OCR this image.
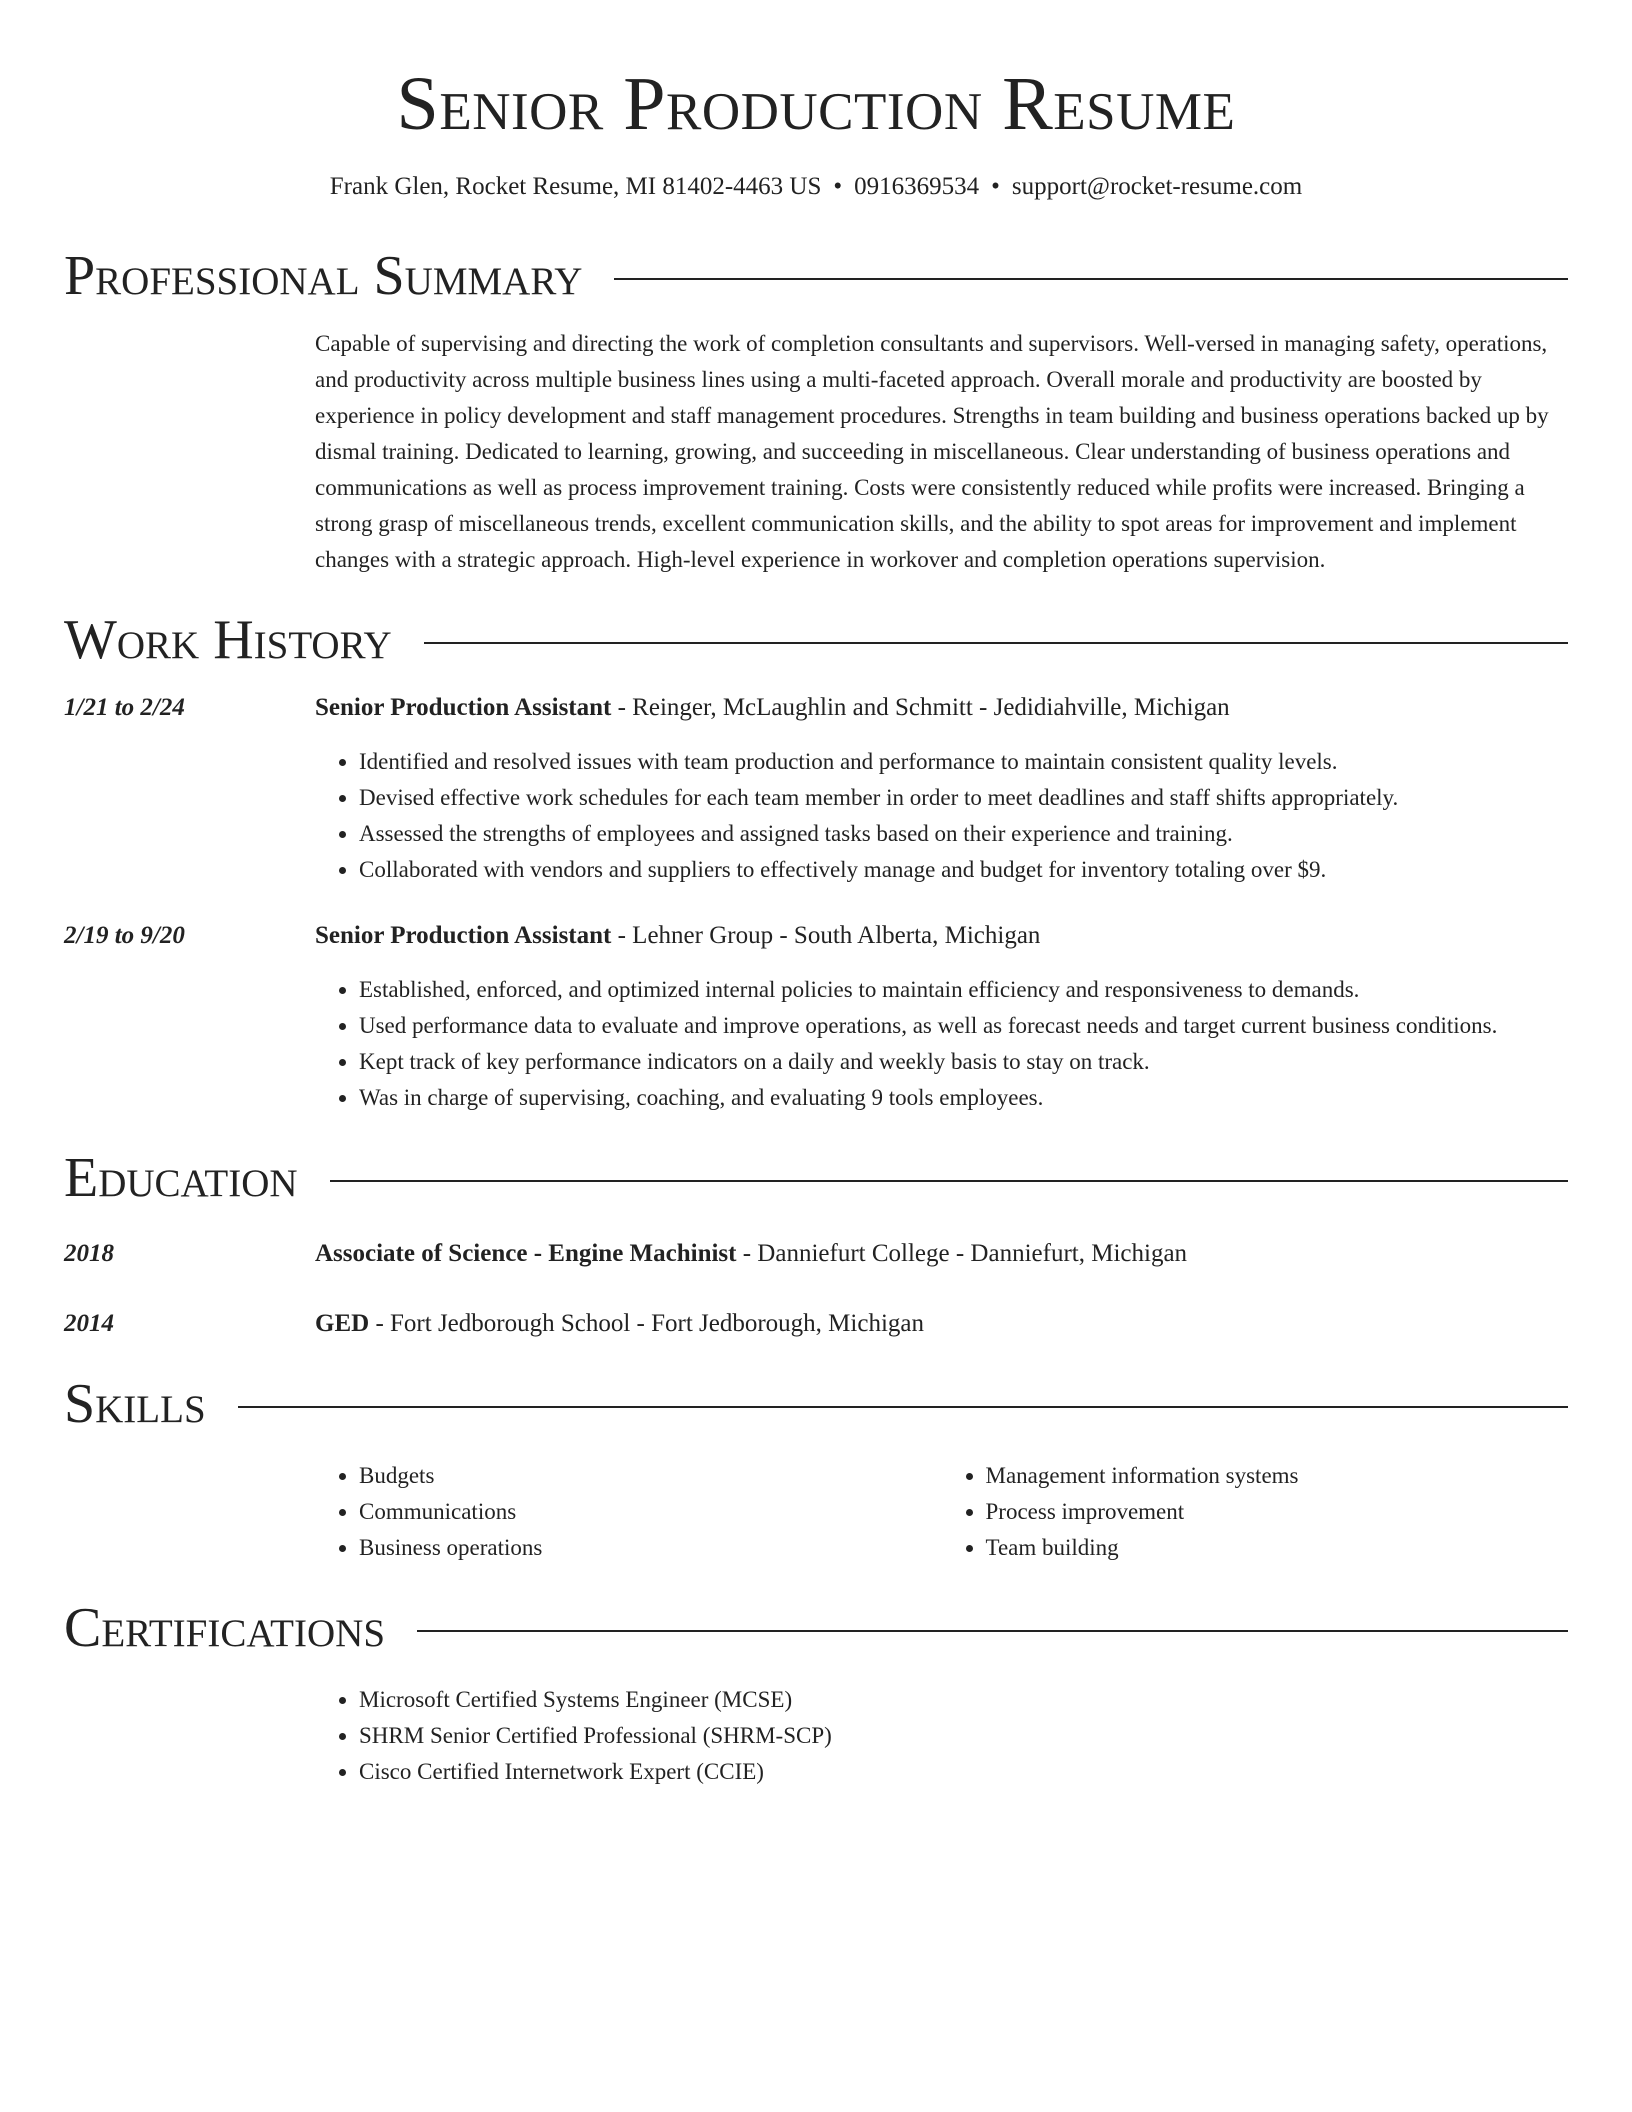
Senior Production Resume
Frank Glen, Rocket Resume, MI 81402-4463 US • 0916369534 • support@rocket-resume.com
Professional Summary
Capable of supervising and directing the work of completion consultants and supervisors. Well-versed in managing safety, operations, and productivity across multiple business lines using a multi-faceted approach. Overall morale and productivity are boosted by experience in policy development and staff management procedures. Strengths in team building and business operations backed up by dismal training. Dedicated to learning, growing, and succeeding in miscellaneous. Clear understanding of business operations and communications as well as process improvement training. Costs were consistently reduced while profits were increased. Bringing a strong grasp of miscellaneous trends, excellent communication skills, and the ability to spot areas for improvement and implement changes with a strategic approach. High-level experience in workover and completion operations supervision.
Work History
1/21 to 2/24	Senior Production Assistant - Reinger, McLaughlin and Schmitt - Jedidiahville, Michigan
• Identified and resolved issues with team production and performance to maintain consistent quality levels.
• Devised effective work schedules for each team member in order to meet deadlines and staff shifts appropriately.
• Assessed the strengths of employees and assigned tasks based on their experience and training.
• Collaborated with vendors and suppliers to effectively manage and budget for inventory totaling over $9.
2/19 to 9/20	Senior Production Assistant - Lehner Group - South Alberta, Michigan
• Established, enforced, and optimized internal policies to maintain efficiency and responsiveness to demands.
• Used performance data to evaluate and improve operations, as well as forecast needs and target current business conditions.
• Kept track of key performance indicators on a daily and weekly basis to stay on track.
• Was in charge of supervising, coaching, and evaluating 9 tools employees.
Education
2018	Associate of Science - Engine Machinist - Danniefurt College - Danniefurt, Michigan
2014	GED - Fort Jedborough School - Fort Jedborough, Michigan
Skills
• Budgets
• Communications
• Business operations
• Management information systems
• Process improvement
• Team building
Certifications
• Microsoft Certified Systems Engineer (MCSE)
• SHRM Senior Certified Professional (SHRM-SCP)
• Cisco Certified Internetwork Expert (CCIE)
